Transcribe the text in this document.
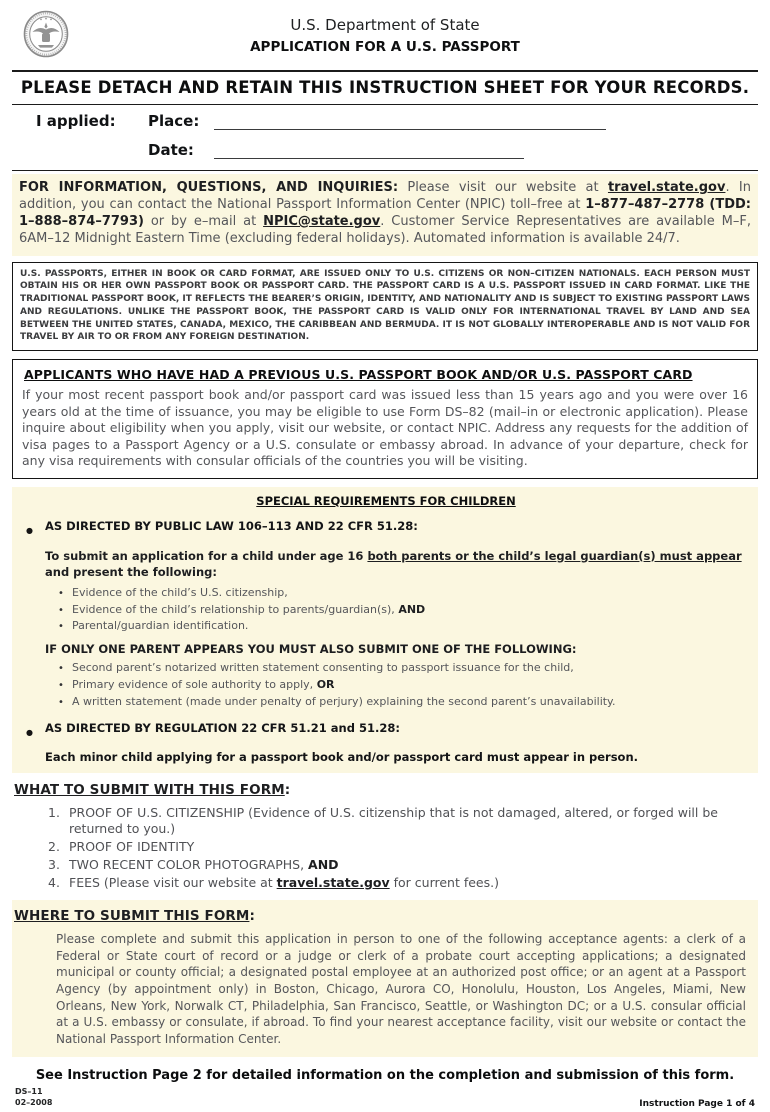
U.S. Department of State
APPLICATION FOR A U.S. PASSPORT
PLEASE DETACH AND RETAIN THIS INSTRUCTION SHEET FOR YOUR RECORDS.
I applied:	Place:
Date:

FOR INFORMATION, QUESTIONS, AND INQUIRIES: Please visit our website at travel.state.gov. In addition, you can contact the National Passport Information Center (NPIC) toll–free at 1–877–487–2778 (TDD: 1–888–874–7793) or by e–mail at NPIC@state.gov. Customer Service Representatives are available M–F, 6AM–12 Midnight Eastern Time (excluding federal holidays). Automated information is available 24/7.

U.S. PASSPORTS, EITHER IN BOOK OR CARD FORMAT, ARE ISSUED ONLY TO U.S. CITIZENS OR NON–CITIZEN NATIONALS. EACH PERSON MUST OBTAIN HIS OR HER OWN PASSPORT BOOK OR PASSPORT CARD. THE PASSPORT CARD IS A U.S. PASSPORT ISSUED IN CARD FORMAT. LIKE THE TRADITIONAL PASSPORT BOOK, IT REFLECTS THE BEARER’S ORIGIN, IDENTITY, AND NATIONALITY AND IS SUBJECT TO EXISTING PASSPORT LAWS AND REGULATIONS. UNLIKE THE PASSPORT BOOK, THE PASSPORT CARD IS VALID ONLY FOR INTERNATIONAL TRAVEL BY LAND AND SEA BETWEEN THE UNITED STATES, CANADA, MEXICO, THE CARIBBEAN AND BERMUDA. IT IS NOT GLOBALLY INTEROPERABLE AND IS NOT VALID FOR TRAVEL BY AIR TO OR FROM ANY FOREIGN DESTINATION.

APPLICANTS WHO HAVE HAD A PREVIOUS U.S. PASSPORT BOOK AND/OR U.S. PASSPORT CARD

If your most recent passport book and/or passport card was issued less than 15 years ago and you were over 16 years old at the time of issuance, you may be eligible to use Form DS–82 (mail–in or electronic application). Please inquire about eligibility when you apply, visit our website, or contact NPIC. Address any requests for the addition of visa pages to a Passport Agency or a U.S. consulate or embassy abroad. In advance of your departure, check for any visa requirements with consular officials of the countries you will be visiting.

SPECIAL REQUIREMENTS FOR CHILDREN
●
AS DIRECTED BY PUBLIC LAW 106–113 AND 22 CFR 51.28:

To submit an application for a child under age 16 both parents or the child’s legal guardian(s) must appear and present the following:

•
Evidence of the child’s U.S. citizenship,
•
Evidence of the child’s relationship to parents/guardian(s), AND
•
Parental/guardian identification.

IF ONLY ONE PARENT APPEARS YOU MUST ALSO SUBMIT ONE OF THE FOLLOWING:

•
Second parent’s notarized written statement consenting to passport issuance for the child,
•
Primary evidence of sole authority to apply, OR
•
A written statement (made under penalty of perjury) explaining the second parent’s unavailability.
●
AS DIRECTED BY REGULATION 22 CFR 51.21 and 51.28:

Each minor child applying for a passport book and/or passport card must appear in person.

WHAT TO SUBMIT WITH THIS FORM:
1. PROOF OF U.S. CITIZENSHIP (Evidence of U.S. citizenship that is not damaged, altered, or forged will be returned to you.)
2. PROOF OF IDENTITY
3. TWO RECENT COLOR PHOTOGRAPHS, AND
4. FEES (Please visit our website at travel.state.gov for current fees.)
WHERE TO SUBMIT THIS FORM:

Please complete and submit this application in person to one of the following acceptance agents: a clerk of a Federal or State court of record or a judge or clerk of a probate court accepting applications; a designated municipal or county official; a designated postal employee at an authorized post office; or an agent at a Passport Agency (by appointment only) in Boston, Chicago, Aurora CO, Honolulu, Houston, Los Angeles, Miami, New Orleans, New York, Norwalk CT, Philadelphia, San Francisco, Seattle, or Washington DC; or a U.S. consular official at a U.S. embassy or consulate, if abroad. To find your nearest acceptance facility, visit our website or contact the National Passport Information Center.

See Instruction Page 2 for detailed information on the completion and submission of this form.

DS–11
02–2008	Instruction Page 1 of 4
